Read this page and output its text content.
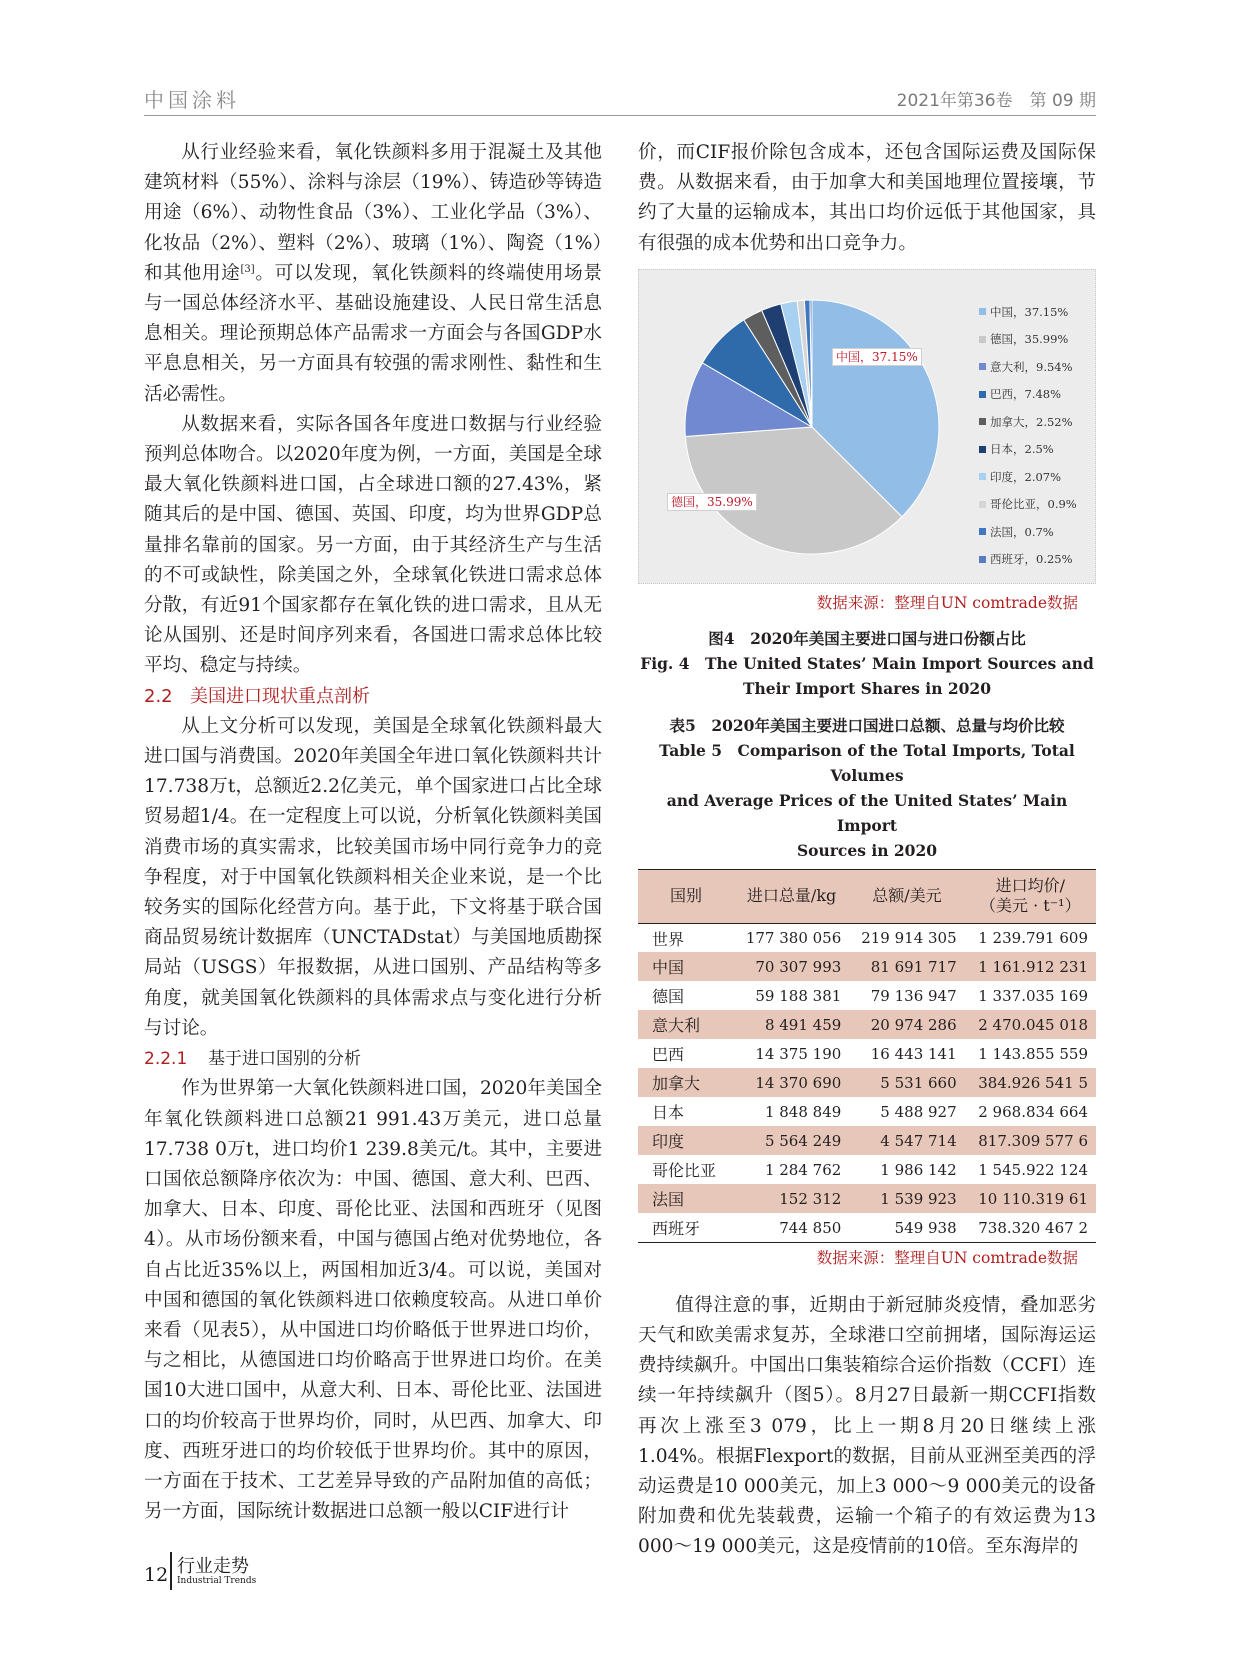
中国涂料	2021年第36卷　第 09 期

从行业经验来看，氧化铁颜料多用于混凝土及其他建筑材料（55%）、涂料与涂层（19%）、铸造砂等铸造用途（6%）、动物性食品（3%）、工业化学品（3%）、化妆品（2%）、塑料（2%）、玻璃（1%）、陶瓷（1%）和其他用途[3]。可以发现，氧化铁颜料的终端使用场景与一国总体经济水平、基础设施建设、人民日常生活息息相关。理论预期总体产品需求一方面会与各国GDP水平息息相关，另一方面具有较强的需求刚性、黏性和生活必需性。

从数据来看，实际各国各年度进口数据与行业经验预判总体吻合。以2020年度为例，一方面，美国是全球最大氧化铁颜料进口国，占全球进口额的27.43%，紧随其后的是中国、德国、英国、印度，均为世界GDP总量排名靠前的国家。另一方面，由于其经济生产与生活的不可或缺性，除美国之外，全球氧化铁进口需求总体分散，有近91个国家都存在氧化铁的进口需求，且从无论从国别、还是时间序列来看，各国进口需求总体比较平均、稳定与持续。

2.2 美国进口现状重点剖析

从上文分析可以发现，美国是全球氧化铁颜料最大进口国与消费国。2020年美国全年进口氧化铁颜料共计17.738万t，总额近2.2亿美元，单个国家进口占比全球贸易超1/4。在一定程度上可以说，分析氧化铁颜料美国消费市场的真实需求，比较美国市场中同行竞争力的竞争程度，对于中国氧化铁颜料相关企业来说，是一个比较务实的国际化经营方向。基于此，下文将基于联合国商品贸易统计数据库（UNCTADstat）与美国地质勘探局站（USGS）年报数据，从进口国别、产品结构等多角度，就美国氧化铁颜料的具体需求点与变化进行分析与讨论。

2.2.1 基于进口国别的分析

作为世界第一大氧化铁颜料进口国，2020年美国全年氧化铁颜料进口总额21 991.43万美元，进口总量17.738 0万t，进口均价1 239.8美元/t。其中，主要进口国依总额降序依次为：中国、德国、意大利、巴西、加拿大、日本、印度、哥伦比亚、法国和西班牙（见图4）。从市场份额来看，中国与德国占绝对优势地位，各自占比近35%以上，两国相加近3/4。可以说，美国对中国和德国的氧化铁颜料进口依赖度较高。从进口单价来看（见表5），从中国进口均价略低于世界进口均价，与之相比，从德国进口均价略高于世界进口均价。在美国10大进口国中，从意大利、日本、哥伦比亚、法国进口的均价较高于世界均价，同时，从巴西、加拿大、印度、西班牙进口的均价较低于世界均价。其中的原因，一方面在于技术、工艺差异导致的产品附加值的高低；另一方面，国际统计数据进口总额一般以CIF进行计

价，而CIF报价除包含成本，还包含国际运费及国际保费。从数据来看，由于加拿大和美国地理位置接壤，节约了大量的运输成本，其出口均价远低于其他国家，具有很强的成本优势和出口竞争力。

中国，37.15%
德国，35.99%
中国，37.15%
德国，35.99%
意大利，9.54%
巴西，7.48%
加拿大，2.52%
日本，2.5%
印度，2.07%
哥伦比亚，0.9%
法国，0.7%
西班牙，0.25%
数据来源：整理自UN comtrade数据
图4　2020年美国主要进口国与进口份额占比
Fig. 4　The United States’ Main Import Sources and
Their Import Shares in 2020
表5　2020年美国主要进口国进口总额、总量与均价比较
Table 5　Comparison of the Total Imports, Total Volumes
and Average Prices of the United States’ Main Import
Sources in 2020
国别	进口总量/kg	总额/美元	进口均价/
（美元 · t⁻¹）
世界	177 380 056	219 914 305	1 239.791 609
中国	70 307 993	81 691 717	1 161.912 231
德国	59 188 381	79 136 947	1 337.035 169
意大利	8 491 459	20 974 286	2 470.045 018
巴西	14 375 190	16 443 141	1 143.855 559
加拿大	14 370 690	5 531 660	384.926 541 5
日本	1 848 849	5 488 927	2 968.834 664
印度	5 564 249	4 547 714	817.309 577 6
哥伦比亚	1 284 762	1 986 142	1 545.922 124
法国	152 312	1 539 923	10 110.319 61
西班牙	744 850	549 938	738.320 467 2
数据来源：整理自UN comtrade数据

值得注意的事，近期由于新冠肺炎疫情，叠加恶劣天气和欧美需求复苏，全球港口空前拥堵，国际海运运费持续飙升。中国出口集装箱综合运价指数（CCFI）连续一年持续飙升（图5）。8月27日最新一期CCFI指数再次上涨至3 079，比上一期8月20日继续上涨1.04%。根据Flexport的数据，目前从亚洲至美西的浮动运费是10 000美元，加上3 000～9 000美元的设备附加费和优先装载费，运输一个箱子的有效运费为13 000～19 000美元，这是疫情前的10倍。至东海岸的

12 行业走势
Industrial Trends
